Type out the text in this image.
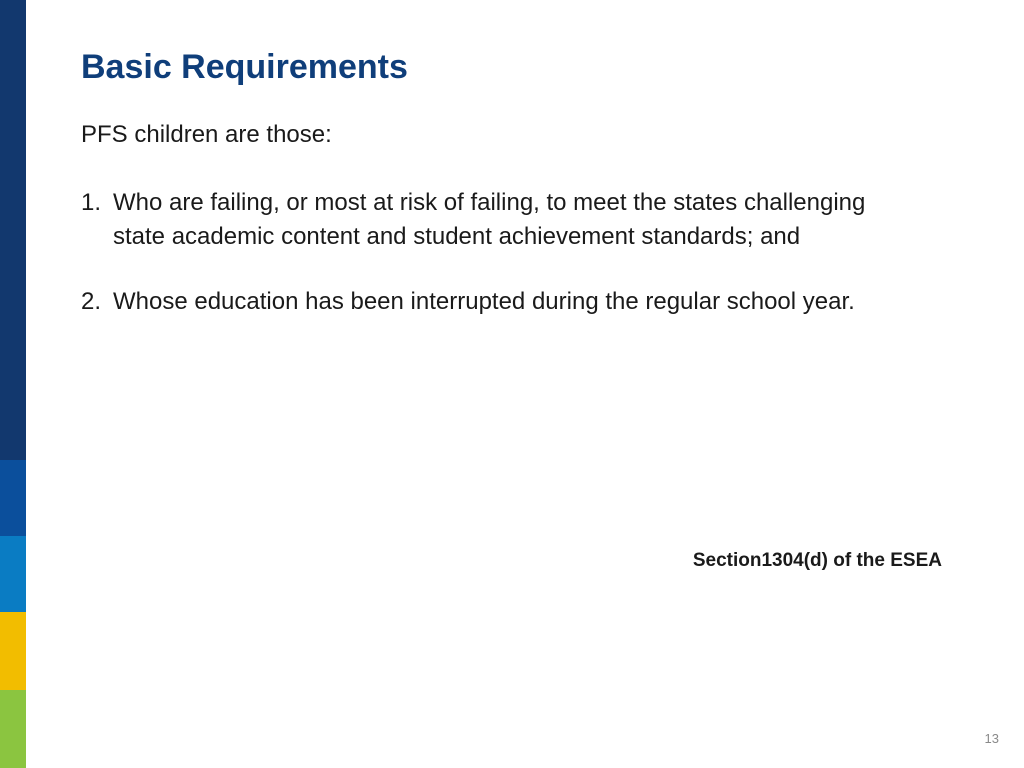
Basic Requirements

PFS children are those:

1. Who are failing, or most at risk of failing, to meet the states challenging state academic content and student achievement standards; and
2. Whose education has been interrupted during the regular school year.

Section1304(d) of the ESEA

13
